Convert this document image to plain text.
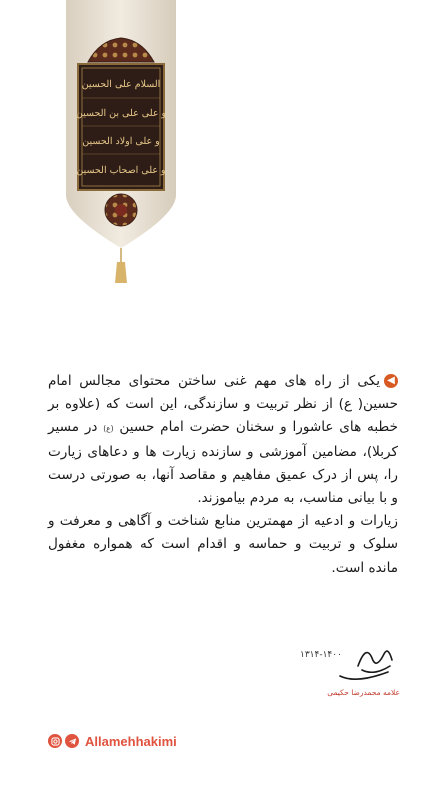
السلام علی الحسین
و علی علی بن الحسین
و علی اولاد الحسین
و علی اصحاب الحسین

◀یکی از راه های مهم غنی ساختن محتوای مجالس امام حسین( ع) از نظر تربیت و سازندگی، این است که (علاوه بر خطبه های عاشورا و سخنان حضرت امام حسین (ع) در مسیر کربلا)، مضامین آموزشی و سازنده زیارت ها و دعاهای زیارت را، پس از درک عمیق مفاهیم و مقاصد آنها، به صورتی درست و با بیانی مناسب، به مردم بیاموزند.

زیارات و ادعیه از مهمترین منابع شناخت و آگاهی و معرفت و سلوک و تربیت و حماسه و اقدام است که همواره مغفول مانده است.

۱۳۱۴-۱۴۰۰
علامه محمدرضا حکیمی
Allamehhakimi
